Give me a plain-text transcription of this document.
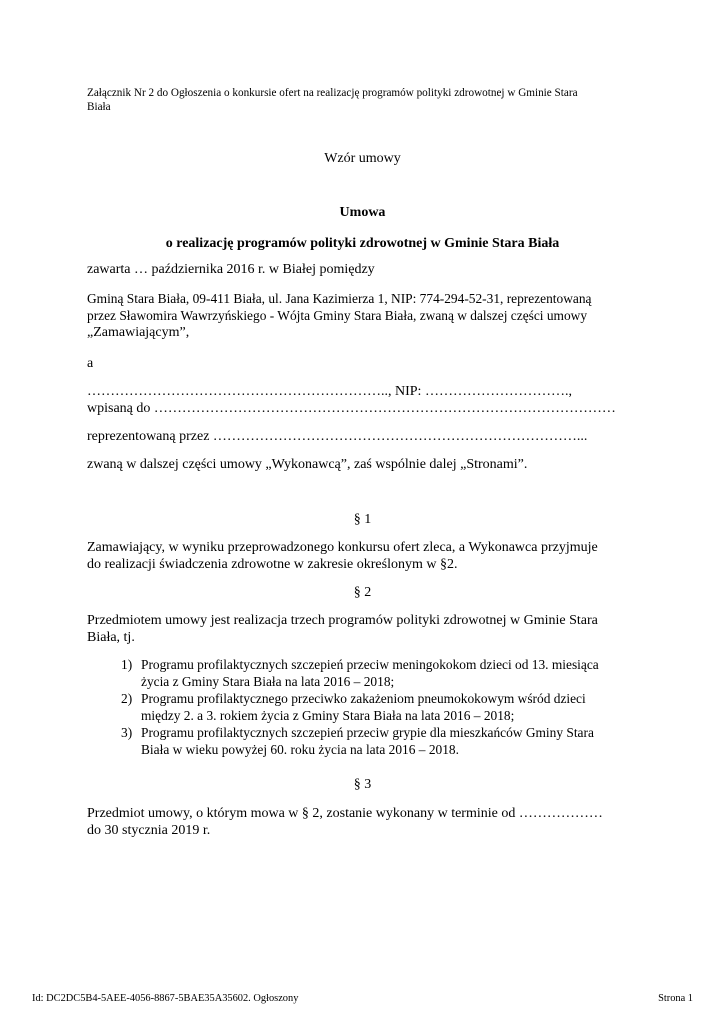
Załącznik Nr 2 do Ogłoszenia o konkursie ofert na realizację programów polityki zdrowotnej w Gminie Stara
Biała
Wzór umowy
Umowa
o realizację programów polityki zdrowotnej w Gminie Stara Biała
zawarta … października 2016 r. w Białej pomiędzy
Gminą Stara Biała, 09-411 Biała, ul. Jana Kazimierza 1, NIP: 774-294-52-31, reprezentowaną
przez Sławomira Wawrzyńskiego - Wójta Gminy Stara Biała, zwaną w dalszej części umowy
„Zamawiającym”,
a
……………………………………………………….., NIP: ………………………….,
wpisaną do ………………………………………………………………………………………
reprezentowaną przez ……………………………………………………………………...
zwaną w dalszej części umowy „Wykonawcą”, zaś wspólnie dalej „Stronami”.
§ 1
Zamawiający, w wyniku przeprowadzonego konkursu ofert zleca, a Wykonawca przyjmuje
do realizacji świadczenia zdrowotne w zakresie określonym w §2.
§ 2
Przedmiotem umowy jest realizacja trzech programów polityki zdrowotnej w Gminie Stara
Biała, tj.
1) Programu profilaktycznych szczepień przeciw meningokokom dzieci od 13. miesiąca
życia z Gminy Stara Biała na lata 2016 – 2018;
2) Programu profilaktycznego przeciwko zakażeniom pneumokokowym wśród dzieci
między 2. a 3. rokiem życia z Gminy Stara Biała na lata 2016 – 2018;
3) Programu profilaktycznych szczepień przeciw grypie dla mieszkańców Gminy Stara
Biała w wieku powyżej 60. roku życia na lata 2016 – 2018.
§ 3
Przedmiot umowy, o którym mowa w § 2, zostanie wykonany w terminie od ………………
do 30 stycznia 2019 r.
Id: DC2DC5B4-5AEE-4056-8867-5BAE35A35602. Ogłoszony	Strona 1
